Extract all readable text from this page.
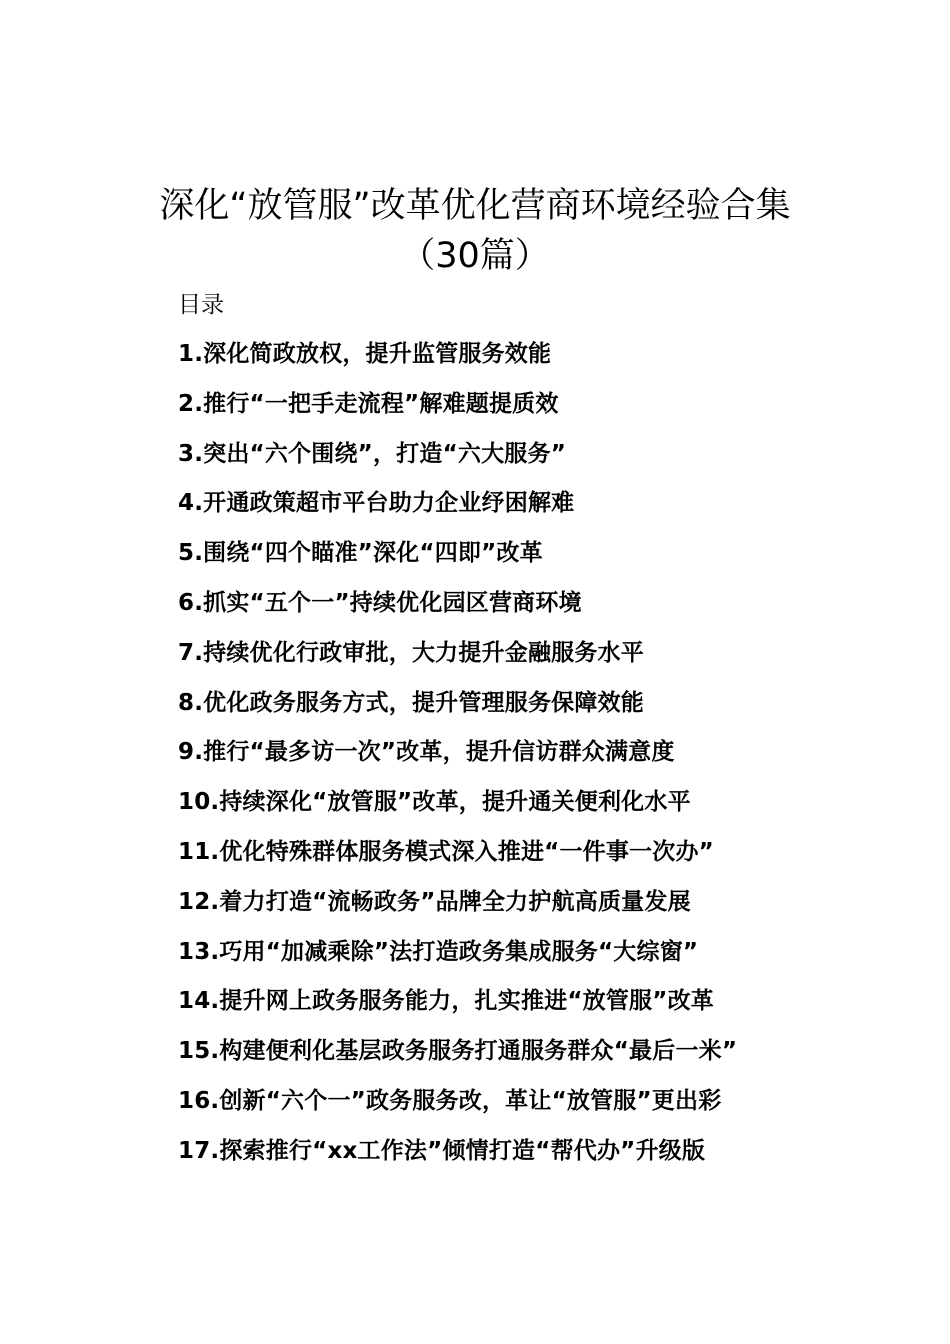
深化“放管服”改革优化营商环境经验合集
（30篇）
目录
1.深化简政放权，提升监管服务效能
2.推行“一把手走流程”解难题提质效
3.突出“六个围绕”，打造“六大服务”
4.开通政策超市平台助力企业纾困解难
5.围绕“四个瞄准”深化“四即”改革
6.抓实“五个一”持续优化园区营商环境
7.持续优化行政审批，大力提升金融服务水平
8.优化政务服务方式，提升管理服务保障效能
9.推行“最多访一次”改革，提升信访群众满意度
10.持续深化“放管服”改革，提升通关便利化水平
11.优化特殊群体服务模式深入推进“一件事一次办”
12.着力打造“流畅政务”品牌全力护航高质量发展
13.巧用“加减乘除”法打造政务集成服务“大综窗”
14.提升网上政务服务能力，扎实推进“放管服”改革
15.构建便利化基层政务服务打通服务群众“最后一米”
16.创新“六个一”政务服务改，革让“放管服”更出彩
17.探索推行“xx工作法”倾情打造“帮代办”升级版
